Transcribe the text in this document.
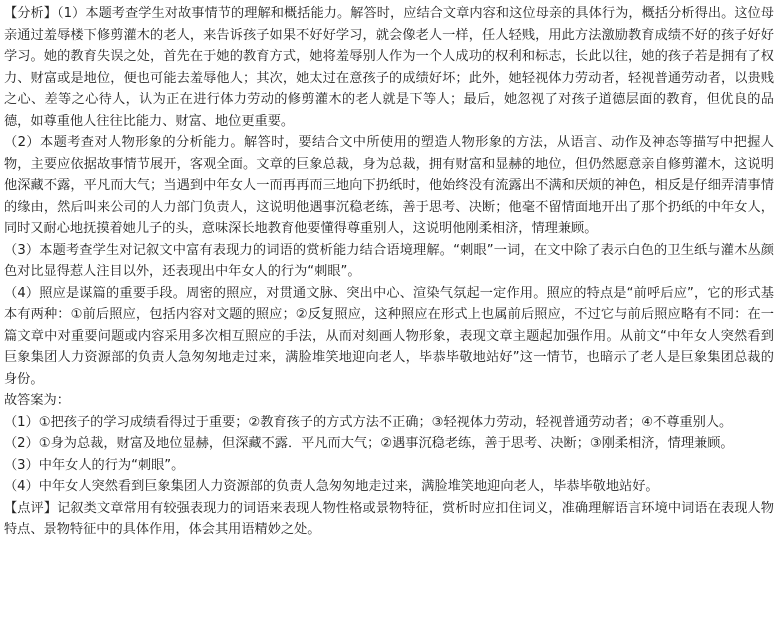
【分析】（1）本题考查学生对故事情节的理解和概括能力。解答时，应结合文章内容和这位母亲的具体行为，概括分析得出。这位母亲通过羞辱楼下修剪灌木的老人，来告诉孩子如果不好好学习，就会像老人一样，任人轻贱，用此方法激励教育成绩不好的孩子好好学习。她的教育失误之处，首先在于她的教育方式，她将羞辱别人作为一个人成功的权利和标志，长此以往，她的孩子若是拥有了权力、财富或是地位，便也可能去羞辱他人；其次，她太过在意孩子的成绩好坏；此外，她轻视体力劳动者，轻视普通劳动者，以贵贱之心、差等之心待人，认为正在进行体力劳动的修剪灌木的老人就是下等人；最后，她忽视了对孩子道德层面的教育，但优良的品德，如尊重他人往往比能力、财富、地位更重要。

（2）本题考查对人物形象的分析能力。解答时，要结合文中所使用的塑造人物形象的方法，从语言、动作及神态等描写中把握人物，主要应依据故事情节展开，客观全面。文章的巨象总裁，身为总裁，拥有财富和显赫的地位，但仍然愿意亲自修剪灌木，这说明他深藏不露，平凡而大气；当遇到中年女人一而再再而三地向下扔纸时，他始终没有流露出不满和厌烦的神色，相反是仔细弄清事情的缘由，然后叫来公司的人力部门负责人，这说明他遇事沉稳老练，善于思考、决断；他毫不留情面地开出了那个扔纸的中年女人，同时又耐心地抚摸着她儿子的头，意味深长地教育他要懂得尊重别人，这说明他刚柔相济，情理兼顾。

（3）本题考查学生对记叙文中富有表现力的词语的赏析能力结合语境理解。“刺眼”一词，在文中除了表示白色的卫生纸与灌木丛颜色对比显得惹人注目以外，还表现出中年女人的行为“刺眼”。

（4）照应是谋篇的重要手段。周密的照应，对贯通文脉、突出中心、渲染气氛起一定作用。照应的特点是“前呼后应”，它的形式基本有两种：①前后照应，包括内容对文题的照应；②反复照应，这种照应在形式上也属前后照应，不过它与前后照应略有不同：在一篇文章中对重要问题或内容采用多次相互照应的手法，从而对刻画人物形象，表现文章主题起加强作用。从前文“中年女人突然看到巨象集团人力资源部的负责人急匆匆地走过来，满脸堆笑地迎向老人，毕恭毕敬地站好”这一情节，也暗示了老人是巨象集团总裁的身份。

故答案为：

（1）①把孩子的学习成绩看得过于重要；②教育孩子的方式方法不正确；③轻视体力劳动，轻视普通劳动者；④不尊重别人。

（2）①身为总裁，财富及地位显赫，但深藏不露．平凡而大气；②遇事沉稳老练，善于思考、决断；③刚柔相济，情理兼顾。

（3）中年女人的行为“刺眼”。

（4）中年女人突然看到巨象集团人力资源部的负责人急匆匆地走过来，满脸堆笑地迎向老人，毕恭毕敬地站好。

【点评】记叙类文章常用有较强表现力的词语来表现人物性格或景物特征，赏析时应扣住词义，准确理解语言环境中词语在表现人物特点、景物特征中的具体作用，体会其用语精妙之处。
